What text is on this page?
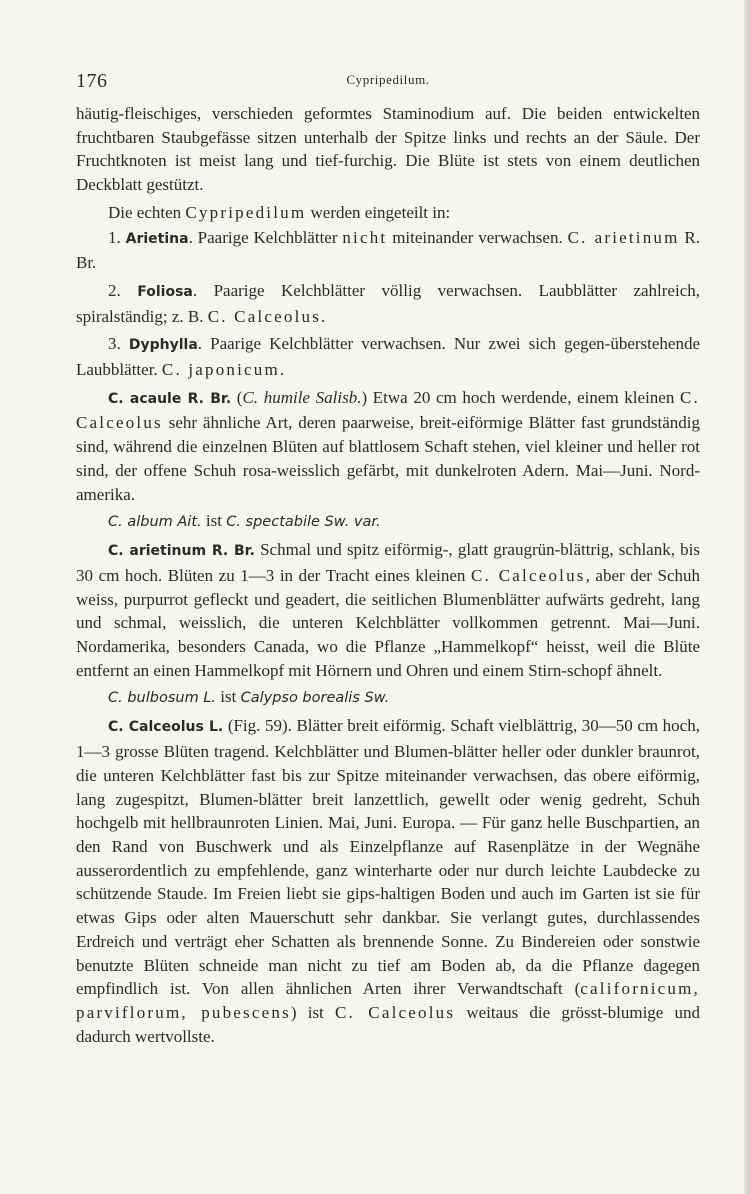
176	Cypripedilum.

häutig-fleischiges, verschieden geformtes Staminodium auf. Die beiden entwickelten fruchtbaren Staubgefässe sitzen unterhalb der Spitze links und rechts an der Säule. Der Fruchtknoten ist meist lang und tief-furchig. Die Blüte ist stets von einem deutlichen Deckblatt gestützt.

Die echten Cypripedilum werden eingeteilt in:

1. Arietina. Paarige Kelchblätter nicht miteinander verwachsen. C. arietinum R. Br.

2. Foliosa. Paarige Kelchblätter völlig verwachsen. Laubblätter zahlreich, spiralständig; z. B. C. Calceolus.

3. Dyphylla. Paarige Kelchblätter verwachsen. Nur zwei sich gegen-überstehende Laubblätter. C. japonicum.

C. acaule R. Br. (C. humile Salisb.) Etwa 20 cm hoch werdende, einem kleinen C. Calceolus sehr ähnliche Art, deren paarweise, breit-eiförmige Blätter fast grundständig sind, während die einzelnen Blüten auf blattlosem Schaft stehen, viel kleiner und heller rot sind, der offene Schuh rosa-weisslich gefärbt, mit dunkelroten Adern. Mai—Juni. Nord-amerika.

C. album Ait. ist C. spectabile Sw. var.

C. arietinum R. Br. Schmal und spitz eiförmig-, glatt graugrün-blättrig, schlank, bis 30 cm hoch. Blüten zu 1—3 in der Tracht eines kleinen C. Calceolus, aber der Schuh weiss, purpurrot gefleckt und geadert, die seitlichen Blumenblätter aufwärts gedreht, lang und schmal, weisslich, die unteren Kelchblätter vollkommen getrennt. Mai—Juni. Nordamerika, besonders Canada, wo die Pflanze „Hammelkopf“ heisst, weil die Blüte entfernt an einen Hammelkopf mit Hörnern und Ohren und einem Stirn-schopf ähnelt.

C. bulbosum L. ist Calypso borealis Sw.

C. Calceolus L. (Fig. 59). Blätter breit eiförmig. Schaft vielblättrig, 30—50 cm hoch, 1—3 grosse Blüten tragend. Kelchblätter und Blumen-blätter heller oder dunkler braunrot, die unteren Kelchblätter fast bis zur Spitze miteinander verwachsen, das obere eiförmig, lang zugespitzt, Blumen-blätter breit lanzettlich, gewellt oder wenig gedreht, Schuh hochgelb mit hellbraunroten Linien. Mai, Juni. Europa. — Für ganz helle Buschpartien, an den Rand von Buschwerk und als Einzelpflanze auf Rasenplätze in der Wegnähe ausserordentlich zu empfehlende, ganz winterharte oder nur durch leichte Laubdecke zu schützende Staude. Im Freien liebt sie gips-haltigen Boden und auch im Garten ist sie für etwas Gips oder alten Mauerschutt sehr dankbar. Sie verlangt gutes, durchlassendes Erdreich und verträgt eher Schatten als brennende Sonne. Zu Bindereien oder sonstwie benutzte Blüten schneide man nicht zu tief am Boden ab, da die Pflanze dagegen empfindlich ist. Von allen ähnlichen Arten ihrer Verwandtschaft (californicum, parviflorum, pubescens) ist C. Calceolus weitaus die grösst-blumige und dadurch wertvollste.
